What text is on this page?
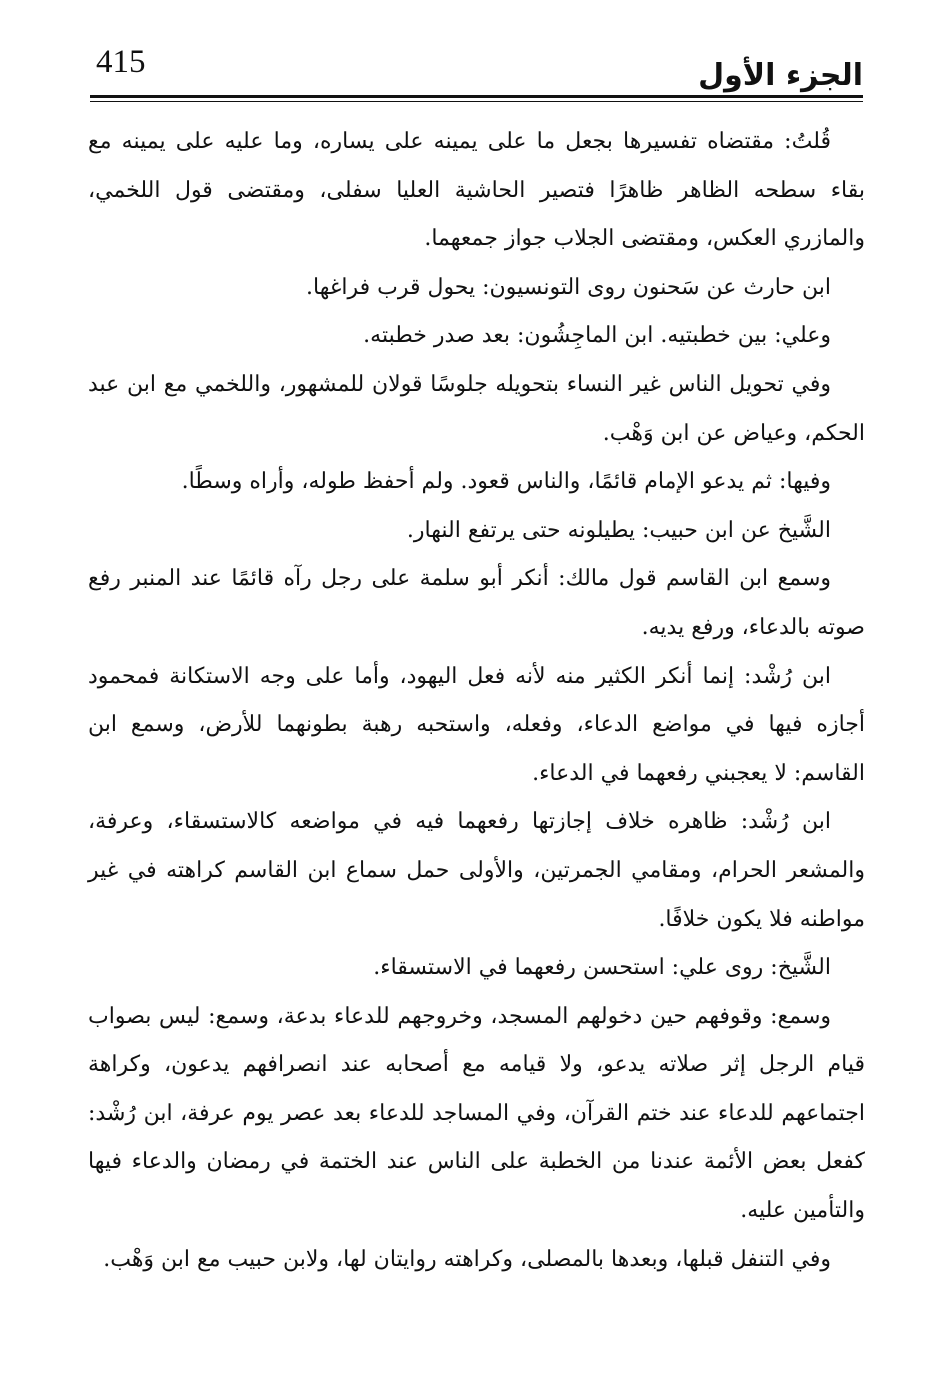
415	الجزء الأول

قُلتُ: مقتضاه تفسيرها بجعل ما على يمينه على يساره، وما عليه على يمينه مع بقاء سطحه الظاهر ظاهرًا فتصير الحاشية العليا سفلى، ومقتضى قول اللخمي، والمازري العكس، ومقتضى الجلاب جواز جمعهما.

ابن حارث عن سَحنون روى التونسيون: يحول قرب فراغها.

وعلي: بين خطبتيه. ابن الماجِشُون: بعد صدر خطبته.

وفي تحويل الناس غير النساء بتحويله جلوسًا قولان للمشهور، واللخمي مع ابن عبد الحكم، وعياض عن ابن وَهْب.

وفيها: ثم يدعو الإمام قائمًا، والناس قعود. ولم أحفظ طوله، وأراه وسطًا.

الشَّيخ عن ابن حبيب: يطيلونه حتى يرتفع النهار.

وسمع ابن القاسم قول مالك: أنكر أبو سلمة على رجل رآه قائمًا عند المنبر رفع صوته بالدعاء، ورفع يديه.

ابن رُشْد: إنما أنكر الكثير منه لأنه فعل اليهود، وأما على وجه الاستكانة فمحمود أجازه فيها في مواضع الدعاء، وفعله، واستحبه رهبة بطونهما للأرض، وسمع ابن القاسم: لا يعجبني رفعهما في الدعاء.

ابن رُشْد: ظاهره خلاف إجازتها رفعهما فيه في مواضعه كالاستسقاء، وعرفة، والمشعر الحرام، ومقامي الجمرتين، والأولى حمل سماع ابن القاسم كراهته في غير مواطنه فلا يكون خلافًا.

الشَّيخ: روى علي: استحسن رفعهما في الاستسقاء.

وسمع: وقوفهم حين دخولهم المسجد، وخروجهم للدعاء بدعة، وسمع: ليس بصواب قيام الرجل إثر صلاته يدعو، ولا قيامه مع أصحابه عند انصرافهم يدعون، وكراهة اجتماعهم للدعاء عند ختم القرآن، وفي المساجد للدعاء بعد عصر يوم عرفة، ابن رُشْد: كفعل بعض الأئمة عندنا من الخطبة على الناس عند الختمة في رمضان والدعاء فيها والتأمين عليه.

وفي التنفل قبلها، وبعدها بالمصلى، وكراهته روايتان لها، ولابن حبيب مع ابن وَهْب.
